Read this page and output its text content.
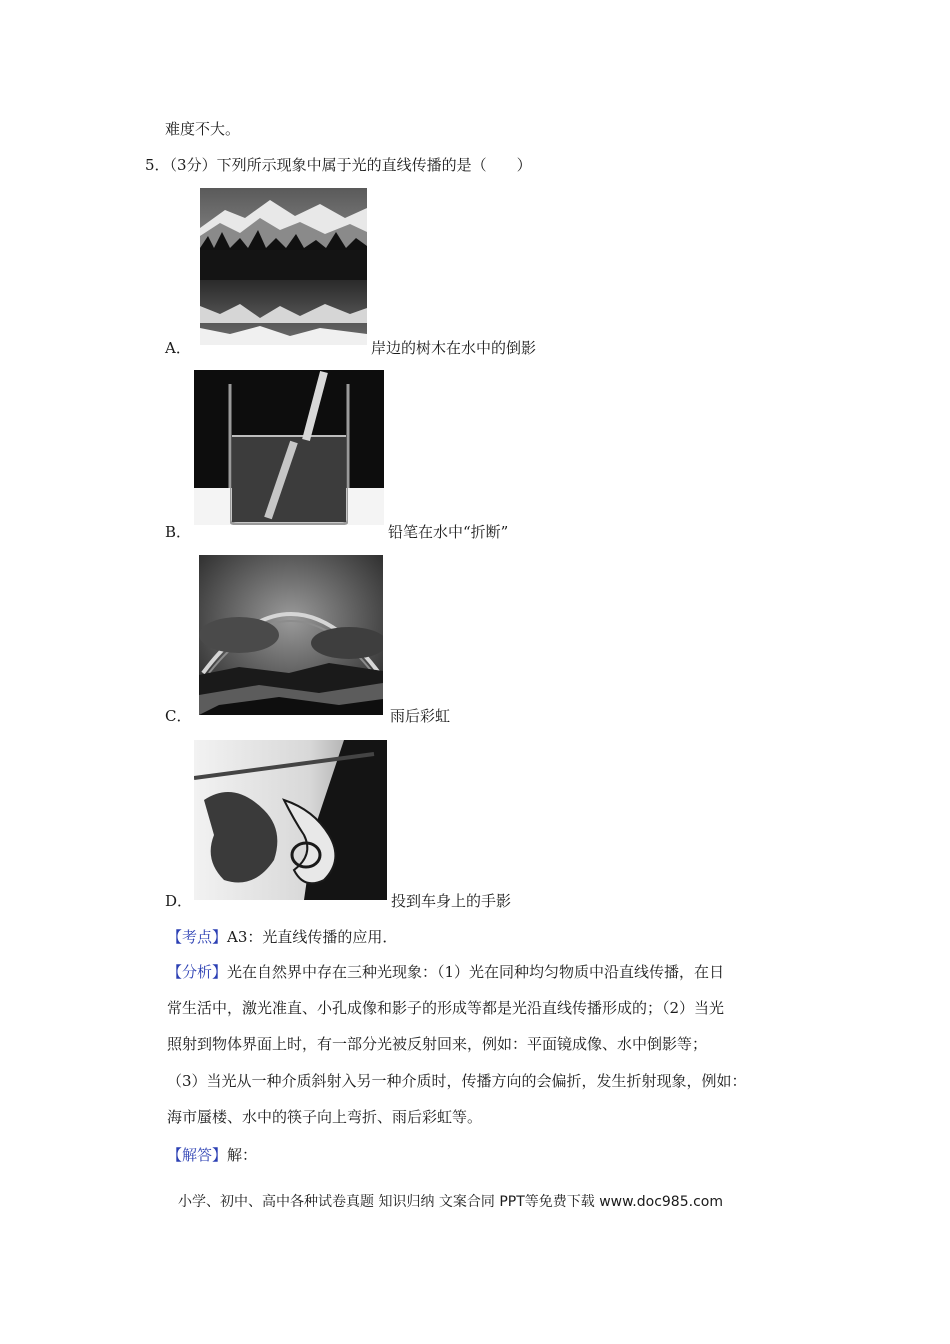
难度不大。
5．（3分）下列所示现象中属于光的直线传播的是（　　）
A．	岸边的树木在水中的倒影
B．	铅笔在水中“折断”
C．	雨后彩虹
D．	投到车身上的手影
【考点】A3：光直线传播的应用．
【分析】光在自然界中存在三种光现象：（1）光在同种均匀物质中沿直线传播，在日
常生活中，激光准直、小孔成像和影子的形成等都是光沿直线传播形成的；（2）当光
照射到物体界面上时，有一部分光被反射回来，例如：平面镜成像、水中倒影等；
（3）当光从一种介质斜射入另一种介质时，传播方向的会偏折，发生折射现象，例如：
海市蜃楼、水中的筷子向上弯折、雨后彩虹等。
【解答】解：
小学、初中、高中各种试卷真题 知识归纳 文案合同 PPT等免费下载 www.doc985.com
